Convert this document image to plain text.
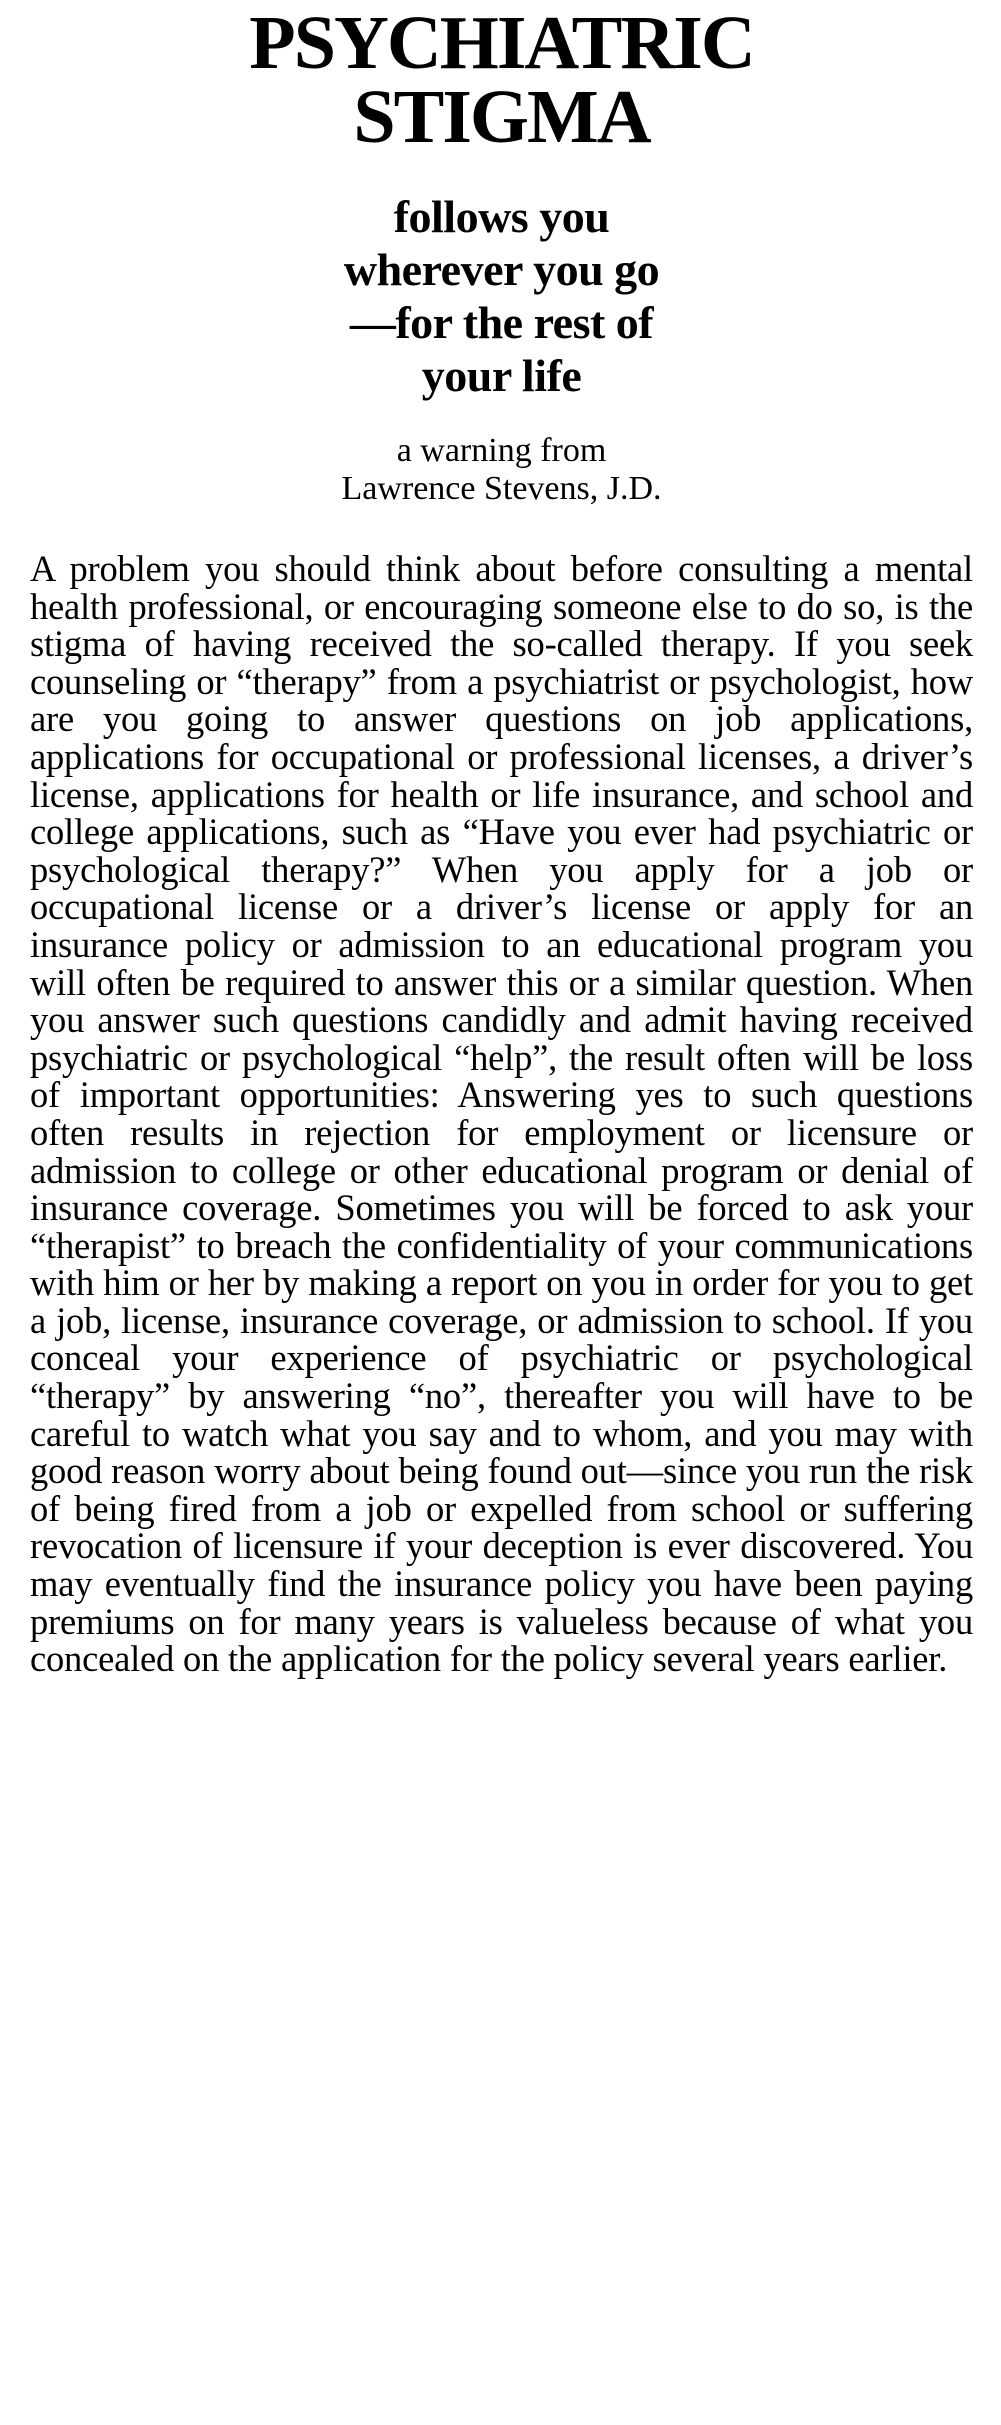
PSYCHIATRIC
STIGMA
follows you
wherever you go
—for the rest of
your life
a warning from
Lawrence Stevens, J.D.

A problem you should think about before consulting a mental health professional, or encouraging someone else to do so, is the stigma of having received the so-called therapy. If you seek counseling or “therapy” from a psychiatrist or psychologist, how are you going to answer questions on job applications, applications for occupational or professional licenses, a driver’s license, applications for health or life insurance, and school and college applications, such as “Have you ever had psychiatric or psychological therapy?” When you apply for a job or occupational license or a driver’s license or apply for an insurance policy or admission to an educational program you will often be required to answer this or a similar question. When you answer such questions candidly and admit having received psychiatric or psychological “help”, the result often will be loss of important opportunities: Answering yes to such questions often results in rejection for employment or licensure or admission to college or other educational program or denial of insurance coverage. Sometimes you will be forced to ask your “therapist” to breach the confidentiality of your communications with him or her by making a report on you in order for you to get a job, license, insurance coverage, or admission to school. If you conceal your experience of psychiatric or psychological “therapy” by answering “no”, thereafter you will have to be careful to watch what you say and to whom, and you may with good reason worry about being found out—since you run the risk of being fired from a job or expelled from school or suffering revocation of licensure if your deception is ever discovered. You may eventually find the insurance policy you have been paying premiums on for many years is valueless because of what you concealed on the application for the policy several years earlier.
